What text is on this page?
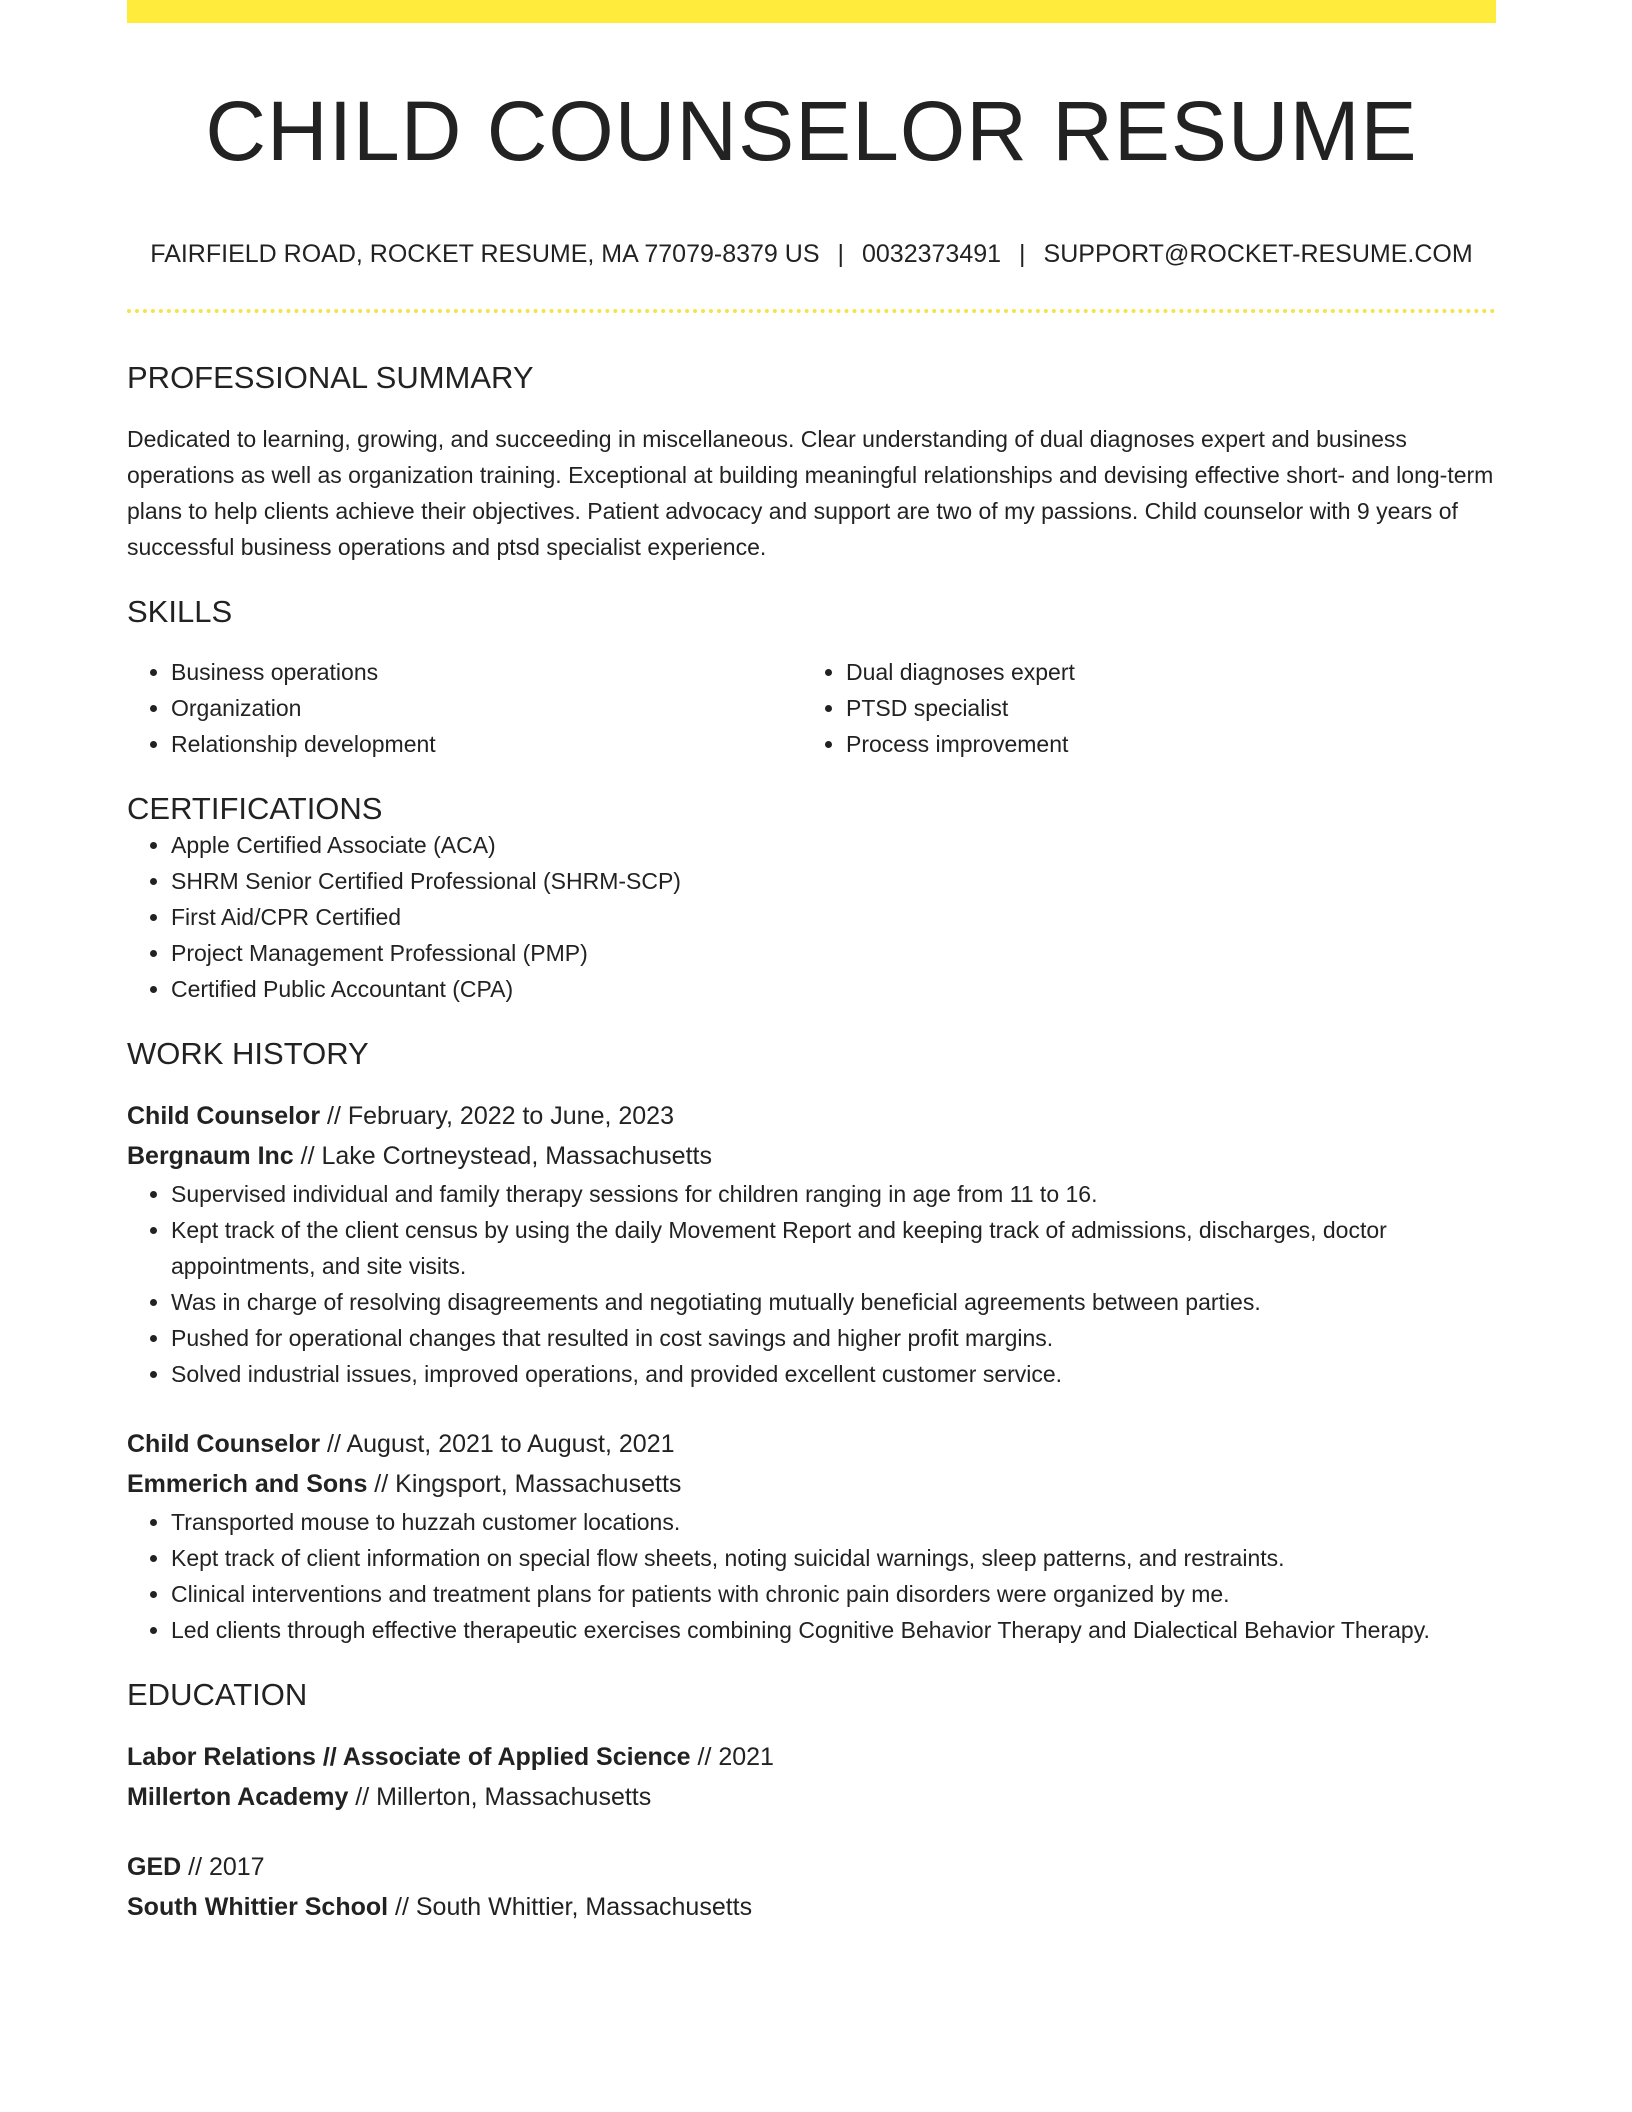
CHILD COUNSELOR RESUME
FAIRFIELD ROAD, ROCKET RESUME, MA 77079-8379 US | 0032373491 | SUPPORT@ROCKET-RESUME.COM
PROFESSIONAL SUMMARY
Dedicated to learning, growing, and succeeding in miscellaneous. Clear understanding of dual diagnoses expert and business operations as well as organization training. Exceptional at building meaningful relationships and devising effective short- and long-term plans to help clients achieve their objectives. Patient advocacy and support are two of my passions. Child counselor with 9 years of successful business operations and ptsd specialist experience.
SKILLS
• Business operations
• Organization
• Relationship development
• Dual diagnoses expert
• PTSD specialist
• Process improvement
CERTIFICATIONS
• Apple Certified Associate (ACA)
• SHRM Senior Certified Professional (SHRM-SCP)
• First Aid/CPR Certified
• Project Management Professional (PMP)
• Certified Public Accountant (CPA)
WORK HISTORY
Child Counselor // February, 2022 to June, 2023
Bergnaum Inc // Lake Cortneystead, Massachusetts
• Supervised individual and family therapy sessions for children ranging in age from 11 to 16.
• Kept track of the client census by using the daily Movement Report and keeping track of admissions, discharges, doctor appointments, and site visits.
• Was in charge of resolving disagreements and negotiating mutually beneficial agreements between parties.
• Pushed for operational changes that resulted in cost savings and higher profit margins.
• Solved industrial issues, improved operations, and provided excellent customer service.
Child Counselor // August, 2021 to August, 2021
Emmerich and Sons // Kingsport, Massachusetts
• Transported mouse to huzzah customer locations.
• Kept track of client information on special flow sheets, noting suicidal warnings, sleep patterns, and restraints.
• Clinical interventions and treatment plans for patients with chronic pain disorders were organized by me.
• Led clients through effective therapeutic exercises combining Cognitive Behavior Therapy and Dialectical Behavior Therapy.
EDUCATION
Labor Relations // Associate of Applied Science // 2021
Millerton Academy // Millerton, Massachusetts
GED // 2017
South Whittier School // South Whittier, Massachusetts
